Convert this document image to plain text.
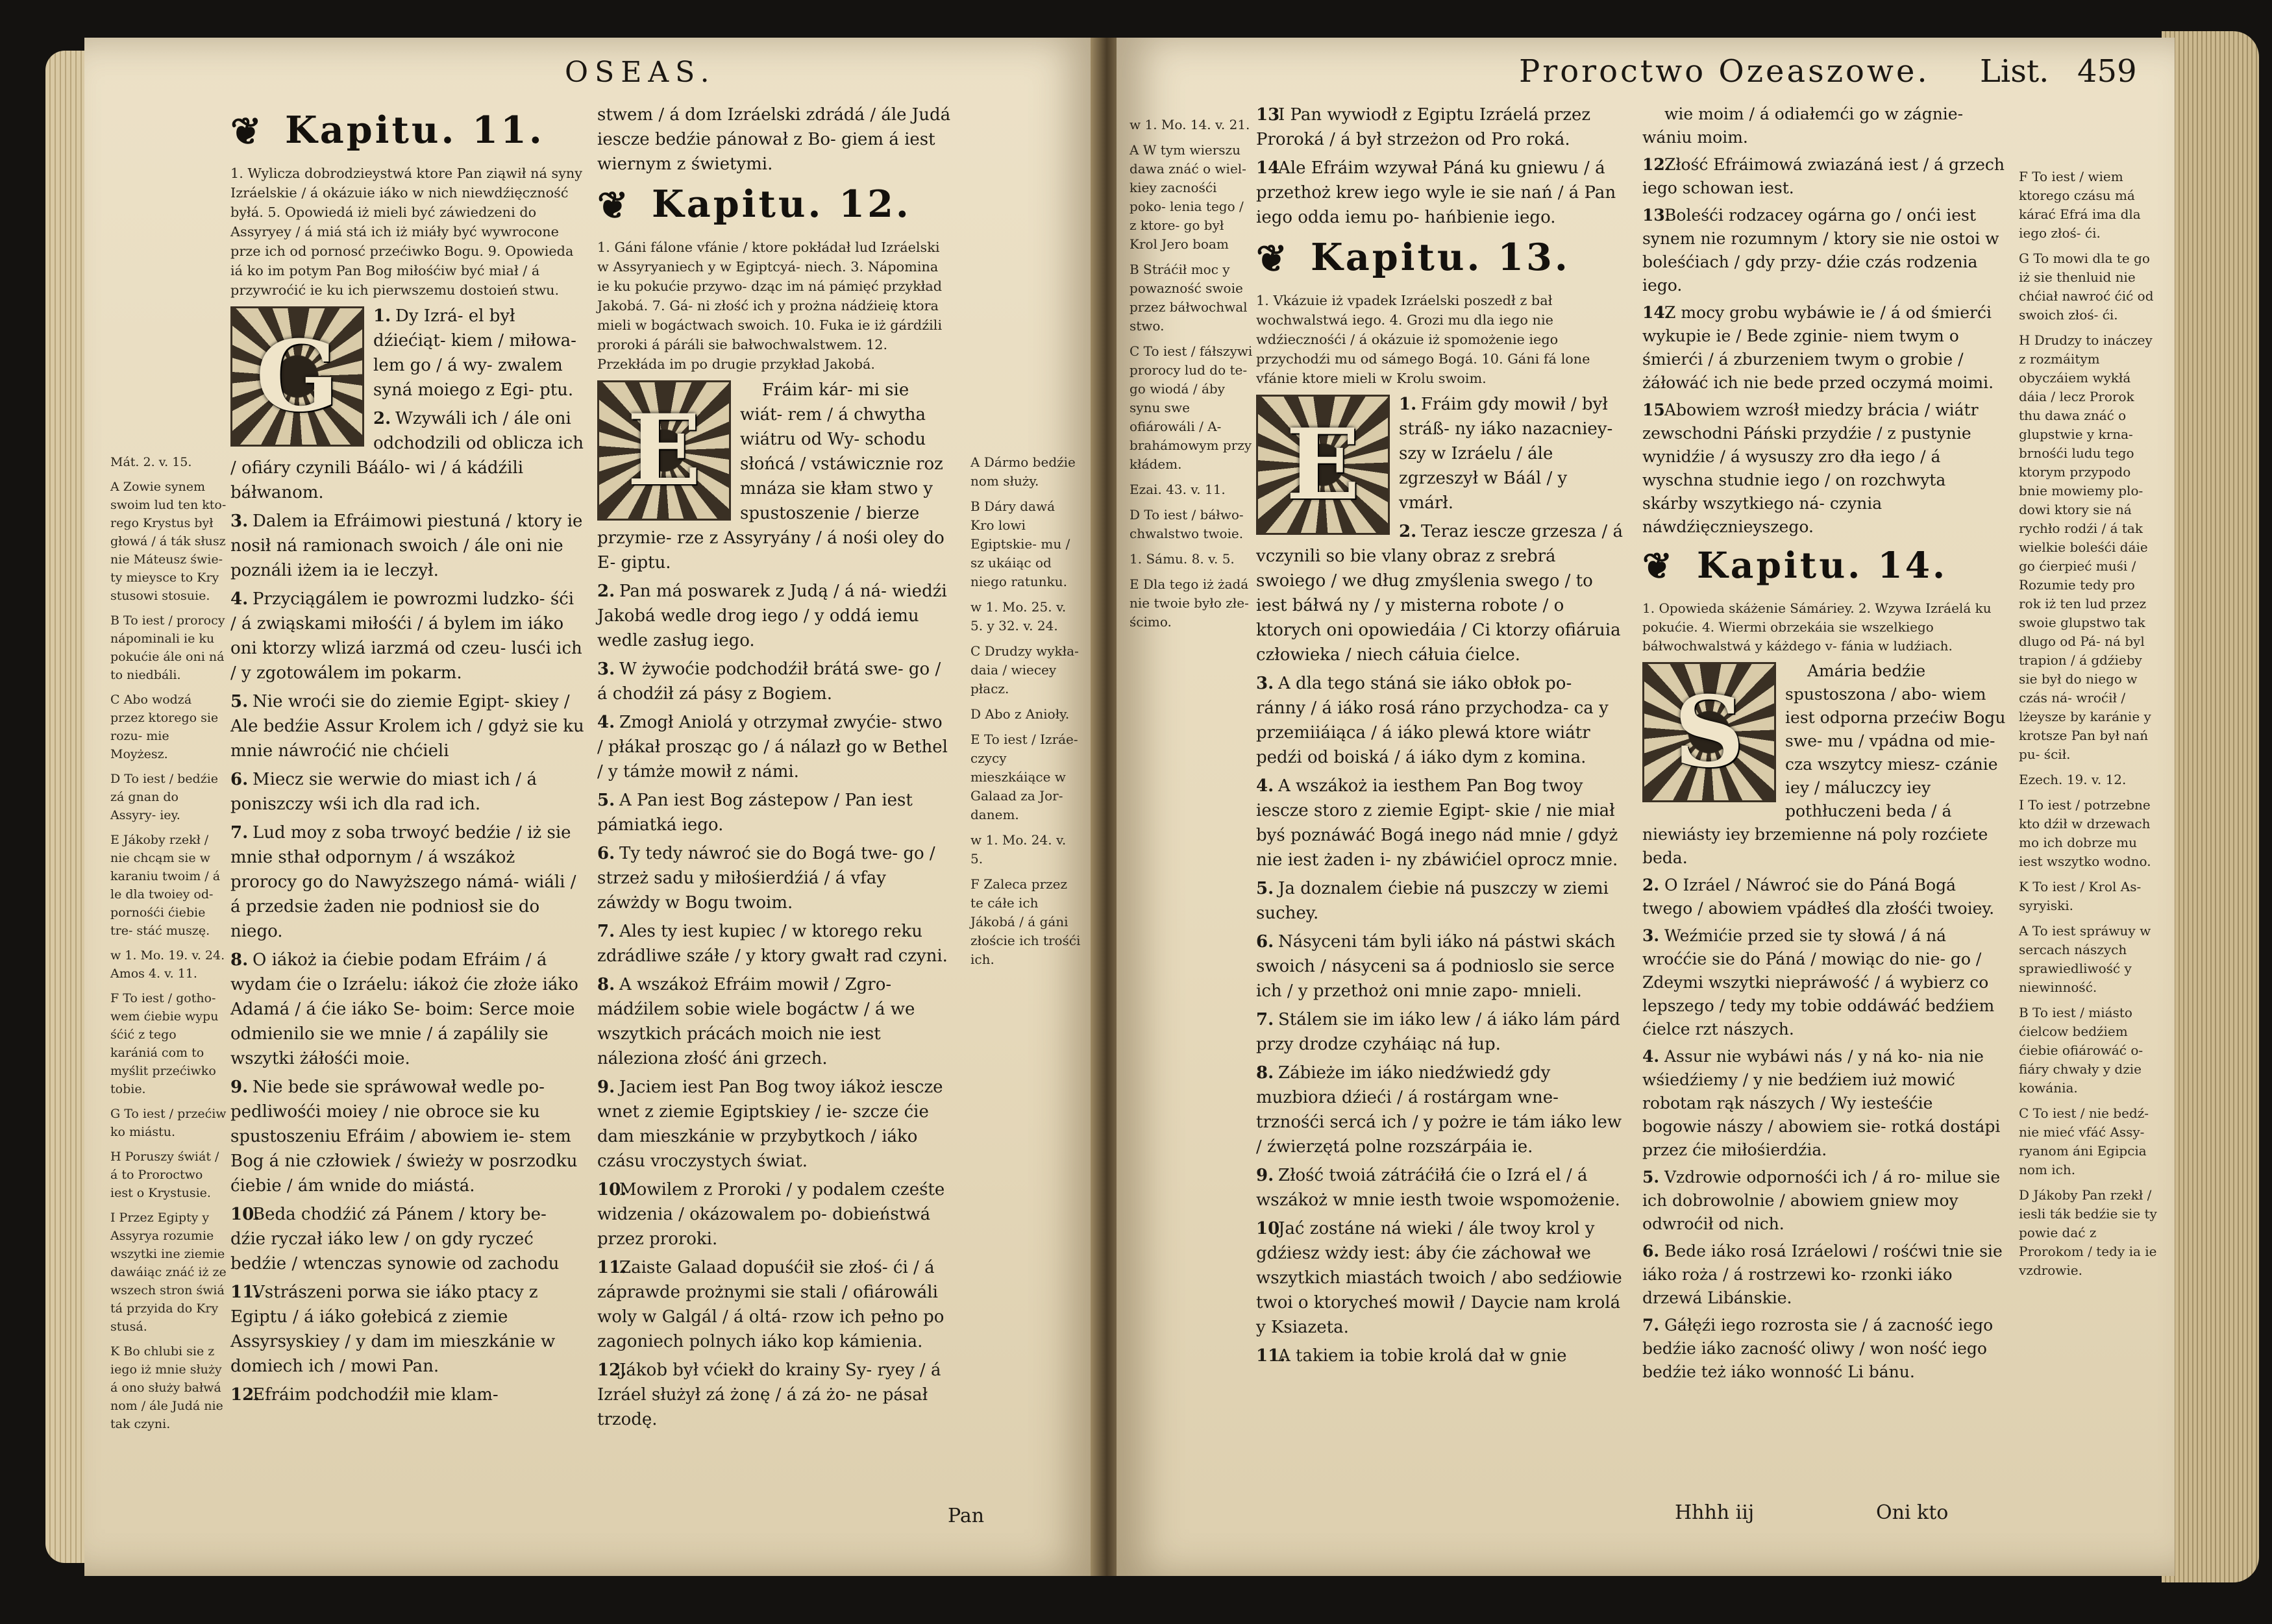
OSEAS.

Mát. 2. v. 15.

A Zowie synem swoim lud ten kto- rego Krystus był głowá / á ták słusz nie Máteusz świe- ty mieysce to Kry stusowi stosuie.

B To iest / prorocy nápominali ie ku pokućie ále oni ná to niedbáli.

C Abo wodzá przez ktorego sie rozu- mie Moyżesz.

D To iest / bedźie zá gnan do Assyry- iey.

E Jákoby rzekł / nie chcąm sie w karaniu twoim / á le dla twoiey od- pornośći ćiebie tre- stáć muszę.

w 1. Mo. 19. v. 24. Amos 4. v. 11.

F To iest / gotho- wem ćiebie wypu śćić z tego karániá com to myślit przećiwko tobie.

G To iest / przećiw ko miástu.

H Poruszy świát / á to Proroctwo iest o Krystusie.

I Przez Egipty y Assyrya rozumie wszytki ine ziemie dawáiąc znáć iż ze wszech stron świá tá przyida do Kry stusá.

K Bo chlubi sie z iego iż mnie służy á ono służy bałwá nom / ále Judá nie tak czyni.

❦ Kapitu. 11.

1. Wylicza dobrodzieystwá ktore Pan ziąwił ná syny Izráelskie / á okázuie iáko w nich niewdźięczność byłá. 5. Opowiedá iż mieli być záwiedzeni do Assyryey / á miá stá ich iż miáły być wywrocone prze ich od pornosć przećiwko Bogu. 9. Opowieda iá ko im potym Pan Bog miłośćiw być miał / á przywroćić ie ku ich pierwszemu dostoień stwu.

G

1. Dy Izrá- el był dźiećiąt- kiem / miłowa- lem go / á wy- zwalem syná moiego z Egi- ptu.

2. Wzywáli ich / ále oni odchodzili od oblicza ich / ofiáry czynili Báálo- wi / á kádźili báłwanom.

3. Dalem ia Efráimowi piestuná / ktory ie nosił ná ramionach swoich / ále oni nie poználi iżem ia ie leczył.

4. Przyciągálem ie powrozmi ludzko- śći / á zwiąskami miłośći / á bylem im iáko oni ktorzy wlizá iarzmá od czeu- lusći ich / y zgotowálem im pokarm.

5. Nie wroći sie do ziemie Egipt- skiey / Ale bedźie Assur Krolem ich / gdyż sie ku mnie náwroćić nie chćieli

6. Miecz sie werwie do miast ich / á poniszczy wśi ich dla rad ich.

7. Lud moy z soba trwoyć bedźie / iż sie mnie sthał odpornym / á wszákoż prorocy go do Nawyższego námá- wiáli / á przedsie żaden nie podniosł sie do niego.

8. O iákoż ia ćiebie podam Efráim / á wydam ćie o Izráelu: iákoż ćie złoże iáko Adamá / á ćie iáko Se- boim: Serce moie odmienilo sie we mnie / á zapálily sie wszytki żáłośći moie.

9. Nie bede sie spráwował wedle po- pedliwośći moiey / nie obroce sie ku spustoszeniu Efráim / abowiem ie- stem Bog á nie człowiek / świeży w posrzodku ćiebie / ám wnide do miástá.

10.Beda chodźić zá Pánem / ktory be- dźie ryczał iáko lew / on gdy ryczeć bedźie / wtenczas synowie od zachodu

11.Vstrászeni porwa sie iáko ptacy z Egiptu / á iáko gołebicá z ziemie Assyrsyskiey / y dam im mieszkánie w domiech ich / mowi Pan.

12.Efráim podchodźił mie klam-

stwem / á dom Izráelski zdrádá / ále Judá iescze bedźie pánował z Bo- giem á iest wiernym z świetymi.

❦ Kapitu. 12.

1. Gáni fálone vfánie / ktore pokłádał lud Izráelski w Assyryaniech y w Egiptcyá- niech. 3. Nápomina ie ku pokućie przywo- dząc im ná pámięć przykład Jakobá. 7. Gá- ni złość ich y prożna nádźieię ktora mieli w bogáctwach swoich. 10. Fuka ie iż gárdźili proroki á páráli sie bałwochwalstwem. 12. Przekłáda im po drugie przykład Jakobá.

E

Fráim kár- mi sie wiát- rem / á chwytha wiátru od Wy- schodu słońcá / vstáwicznie roz mnáza sie kłam stwo y spustoszenie / bierze przymie- rze z Assyryány / á nośi oley do E- giptu.

2. Pan má poswarek z Judą / á ná- wiedźi Jakobá wedle drog iego / y oddá iemu wedle zasług iego.

3. W żywoćie podchodźił brátá swe- go / á chodźił zá pásy z Bogiem.

4. Zmogł Aniolá y otrzymał zwyćie- stwo / płákał prosząc go / á nálazł go w Bethel / y támże mowił z námi.

5. A Pan iest Bog zástepow / Pan iest pámiatká iego.

6. Ty tedy náwroć sie do Bogá twe- go / strzeż sadu y miłośierdźiá / á vfay záwżdy w Bogu twoim.

7. Ales ty iest kupiec / w ktorego reku zdrádliwe száłe / y ktory gwałt rad czyni.

8. A wszákoż Efráim mowił / Zgro- mádźilem sobie wiele bogáctw / á we wszytkich prácách moich nie iest náleziona złość áni grzech.

9. Jaciem iest Pan Bog twoy iákoż iescze wnet z ziemie Egiptskiey / ie- szcze ćie dam mieszkánie w przybytkoch / iáko czásu vroczystych świat.

10.Mowilem z Proroki / y podalem cześte widzenia / okázowalem po- dobieństwá przez proroki.

11.Zaiste Galaad dopuśćił sie złoś- ći / á záprawde prożnymi sie stali / ofiárowáli woly w Galgál / á oltá- rzow ich pełno po zagoniech polnych iáko kop kámienia.

12.Jákob był vćiekł do krainy Sy- ryey / á Izráel służył zá żonę / á zá żo- ne pásał trzodę.

A Dármo bedźie nom służy.

B Dáry dawá Kro lowi Egiptskie- mu / sz ukáiąc od niego ratunku.

w 1. Mo. 25. v. 5. y 32. v. 24.

C Drudzy wykła- daia / wiecey płacz.

D Abo z Anioły.

E To iest / Izráe- czycy mieszkáiące w Galaad za Jor- danem.

w 1. Mo. 24. v. 5.

F Zaleca przez te cáłe ich Jákobá / á gáni złoście ich trośći ich.

Pan
Proroctwo Ozeaszowe. List. 459

w 1. Mo. 14. v. 21.

A W tym wierszu dawa znáć o wiel- kiey zacnośći poko- lenia tego / z ktore- go był Krol Jero boam

B Stráćił moc y powazność swoie przez báłwochwal stwo.

C To iest / fáłszywi prorocy lud do te- go wiodá / áby synu swe ofiárowáli / A- brahámowym przy kłádem.

Ezai. 43. v. 11.

D To iest / báłwo- chwalstwo twoie.

1. Sámu. 8. v. 5.

E Dla tego iż żadá nie twoie było złe- ścimo.

13I Pan wywiodł z Egiptu Izráelá przez Proroká / á był strzeżon od Pro roká.

14Ale Efráim wzywał Páná ku gniewu / á przethoż krew iego wyle ie sie nań / á Pan iego odda iemu po- hańbienie iego.

❦ Kapitu. 13.

1. Vkázuie iż vpadek Izráelski poszedł z bał wochwalstwá iego. 4. Grozi mu dla iego nie wdźiecznośći / á okázuie iż spomożenie iego przychodźi mu od sámego Bogá. 10. Gáni fá lone vfánie ktore mieli w Krolu swoim.

E

1. Fráim gdy mowił / był stráß- ny iáko nazacniey- szy w Izráelu / ále zgrzeszył w Báál / y vmárł.

2. Teraz iescze grzesza / á vczynili so bie vlany obraz z srebrá swoiego / we dług zmyślenia swego / to iest báłwá ny / y misterna robote / o ktorych oni opowiedáia / Ci ktorzy ofiáruia człowieka / niech cáłuia ćielce.

3. A dla tego stáná sie iáko obłok po- ránny / á iáko rosá ráno przychodza- ca y przemiiáiąca / á iáko plewá ktore wiátr pedźi od boiská / á iáko dym z komina.

4. A wszákoż ia iesthem Pan Bog twoy iescze storo z ziemie Egipt- skie / nie miał byś poznáwáć Bogá inego nád mnie / gdyż nie iest żaden i- ny zbáwićiel oprocz mnie.

5. Ja doznalem ćiebie ná puszczy w ziemi suchey.

6. Násyceni tám byli iáko ná pástwi skách swoich / násyceni sa á podnioslo sie serce ich / y przethoż oni mnie zapo- mnieli.

7. Stálem sie im iáko lew / á iáko lám párd przy drodze czyháiąc ná łup.

8. Zábieże im iáko niedźwiedź gdy muzbiora dźieći / á rostárgam wne- trznośći sercá ich / y pożre ie tám iáko lew / źwierzętá polne rozszárpáia ie.

9. Złość twoiá zátráćiłá ćie o Izrá el / á wszákoż w mnie iesth twoie wspomożenie.

10Jać zostáne ná wieki / ále twoy krol y gdźiesz wżdy iest: áby ćie záchował we wszytkich miastách twoich / abo sedźiowie twoi o ktorycheś mowił / Daycie nam krolá y Ksiazeta.

11.A takiem ia tobie krolá dał w gnie

wie moim / á odiałemći go w zágnie- wániu moim.

12.Złość Efráimowá zwiazáná iest / á grzech iego schowan iest.

13.Boleśći rodzacey ogárna go / onći iest synem nie rozumnym / ktory sie nie ostoi w boleśćiach / gdy przy- dźie czás rodzenia iego.

14.Z mocy grobu wybáwie ie / á od śmierći wykupie ie / Bede zginie- niem twym o śmierći / á zburzeniem twym o grobie / żáłowáć ich nie bede przed oczymá moimi.

15Abowiem wzrośł miedzy brácia / wiátr zewschodni Páński przydźie / z pustynie wynidźie / á wysuszy zro dła iego / á wyschna studnie iego / on rozchwyta skárby wszytkiego ná- czynia náwdźięcznieyszego.

❦ Kapitu. 14.

1. Opowieda skáżenie Sámáriey. 2. Wzywa Izráelá ku pokućie. 4. Wiermi obrzekáia sie wszelkiego báłwochwalstwá y káżdego v- fánia w ludźiach.

S

Amária bedźie spustoszona / abo- wiem iest odporna przećiw Bogu swe- mu / vpádna od mie- cza wszytcy miesz- czánie iey / máluczcy iey pothłuczeni beda / á niewiásty iey brzemienne ná poly rozćiete beda.

2. O Izráel / Náwroć sie do Páná Bogá twego / abowiem vpádłeś dla złośći twoiey.

3. Weźmićie przed sie ty słowá / á ná wroććie sie do Páná / mowiąc do nie- go / Zdeymi wszytki niepráwość / á wybierz co lepszego / tedy my tobie oddáwáć bedźiem ćielce rzt nászych.

4. Assur nie wybáwi nás / y ná ko- nia nie wśiedźiemy / y nie bedźiem iuż mowić robotam rąk nászych / Wy iesteśćie bogowie nászy / abowiem sie- rotká dostápi przez ćie miłośierdźia.

5. Vzdrowie odpornośći ich / á ro- milue sie ich dobrowolnie / abowiem gniew moy odwroćił od nich.

6. Bede iáko rosá Izráelowi / rośćwi tnie sie iáko roża / á rostrzewi ko- rzonki iáko drzewá Libánskie.

7. Gáłęźi iego rozrosta sie / á zacność iego bedźie iáko zacność oliwy / won ność iego bedźie też iáko wonność Li bánu.

F To iest / wiem ktorego czásu má kárać Efrá ima dla iego złoś- ći.

G To mowi dla te go iż sie thenluid nie chćiał nawroć ćić od swoich złoś- ći.

H Drudzy to ináczey z rozmáitym obyczáiem wykłá dáia / lecz Prorok thu dawa znáć o glupstwie y krna- brnośći ludu tego ktorym przypodo bnie mowiemy plo- dowi ktory sie ná rychło rodźi / á tak wielkie boleśći dáie go ćierpieć muśi / Rozumie tedy pro rok iż ten lud przez swoie glupstwo tak dlugo od Pá- ná byl trapion / á gdźieby sie był do niego w czás ná- wroćił / lżeysze by karánie y krotsze Pan był nań pu- ścił.

Ezech. 19. v. 12.

I To iest / potrzebne kto dźił w drzewach mo ich dobrze mu iest wszytko wodno.

K To iest / Krol As- syryiski.

A To iest spráwuy w sercach nászych sprawiedliwość y niewinność.

B To iest / miásto ćielcow bedźiem ćiebie ofiárowáć o- fiáry chwały y dzie kowánia.

C To iest / nie bedź- nie mieć vfáć Assy- ryanom áni Egipcia nom ich.

D Jákoby Pan rzekł / iesli ták bedźie sie ty powie dać z Prorokom / tedy ia ie vzdrowie.

Hhhh iij	Oni kto
